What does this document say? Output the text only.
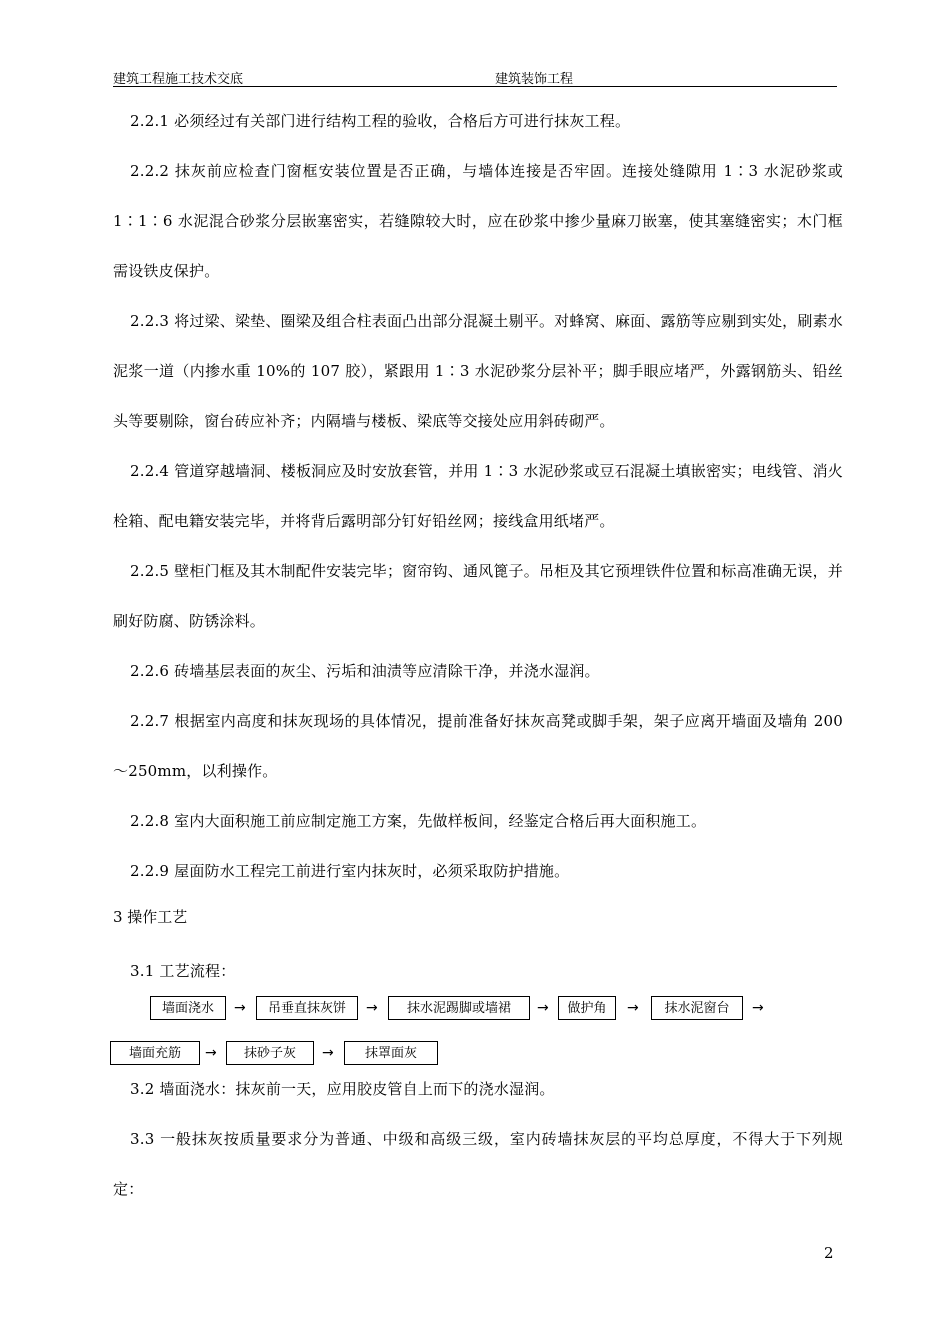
建筑工程施工技术交底	建筑装饰工程

2.2.1 必须经过有关部门进行结构工程的验收，合格后方可进行抹灰工程。

2.2.2 抹灰前应检查门窗框安装位置是否正确，与墙体连接是否牢固。连接处缝隙用 1∶3 水泥砂浆或 1∶1∶6 水泥混合砂浆分层嵌塞密实，若缝隙较大时，应在砂浆中掺少量麻刀嵌塞，使其塞缝密实；木门框需设铁皮保护。

2.2.3 将过梁、梁垫、圈梁及组合柱表面凸出部分混凝土剔平。对蜂窝、麻面、露筋等应剔到实处，刷素水泥浆一道（内掺水重 10%的 107 胶），紧跟用 1∶3 水泥砂浆分层补平；脚手眼应堵严，外露钢筋头、铅丝头等要剔除，窗台砖应补齐；内隔墙与楼板、梁底等交接处应用斜砖砌严。

2.2.4 管道穿越墙洞、楼板洞应及时安放套管，并用 1∶3 水泥砂浆或豆石混凝土填嵌密实；电线管、消火栓箱、配电籍安装完毕，并将背后露明部分钉好铅丝网；接线盒用纸堵严。

2.2.5 壁柜门框及其木制配件安装完毕；窗帘钩、通风篦子。吊柜及其它预埋铁件位置和标高准确无误，并刷好防腐、防锈涂料。

2.2.6 砖墙基层表面的灰尘、污垢和油渍等应清除干净，并浇水湿润。

2.2.7 根据室内高度和抹灰现场的具体情况，提前准备好抹灰高凳或脚手架，架子应离开墙面及墙角 200～250mm，以利操作。

2.2.8 室内大面积施工前应制定施工方案，先做样板间，经鉴定合格后再大面积施工。

2.2.9 屋面防水工程完工前进行室内抹灰时，必须采取防护措施。

3 操作工艺

3.1 工艺流程：

墙面浇水	→	吊垂直抹灰饼	→	抹水泥踢脚或墙裙	→	做护角	→	抹水泥窗台	→
墙面充筋	→	抹砂子灰	→	抹罩面灰

3.2 墙面浇水：抹灰前一天，应用胶皮管自上而下的浇水湿润。

3.3 一般抹灰按质量要求分为普通、中级和高级三级，室内砖墙抹灰层的平均总厚度，不得大于下列规定：

2
